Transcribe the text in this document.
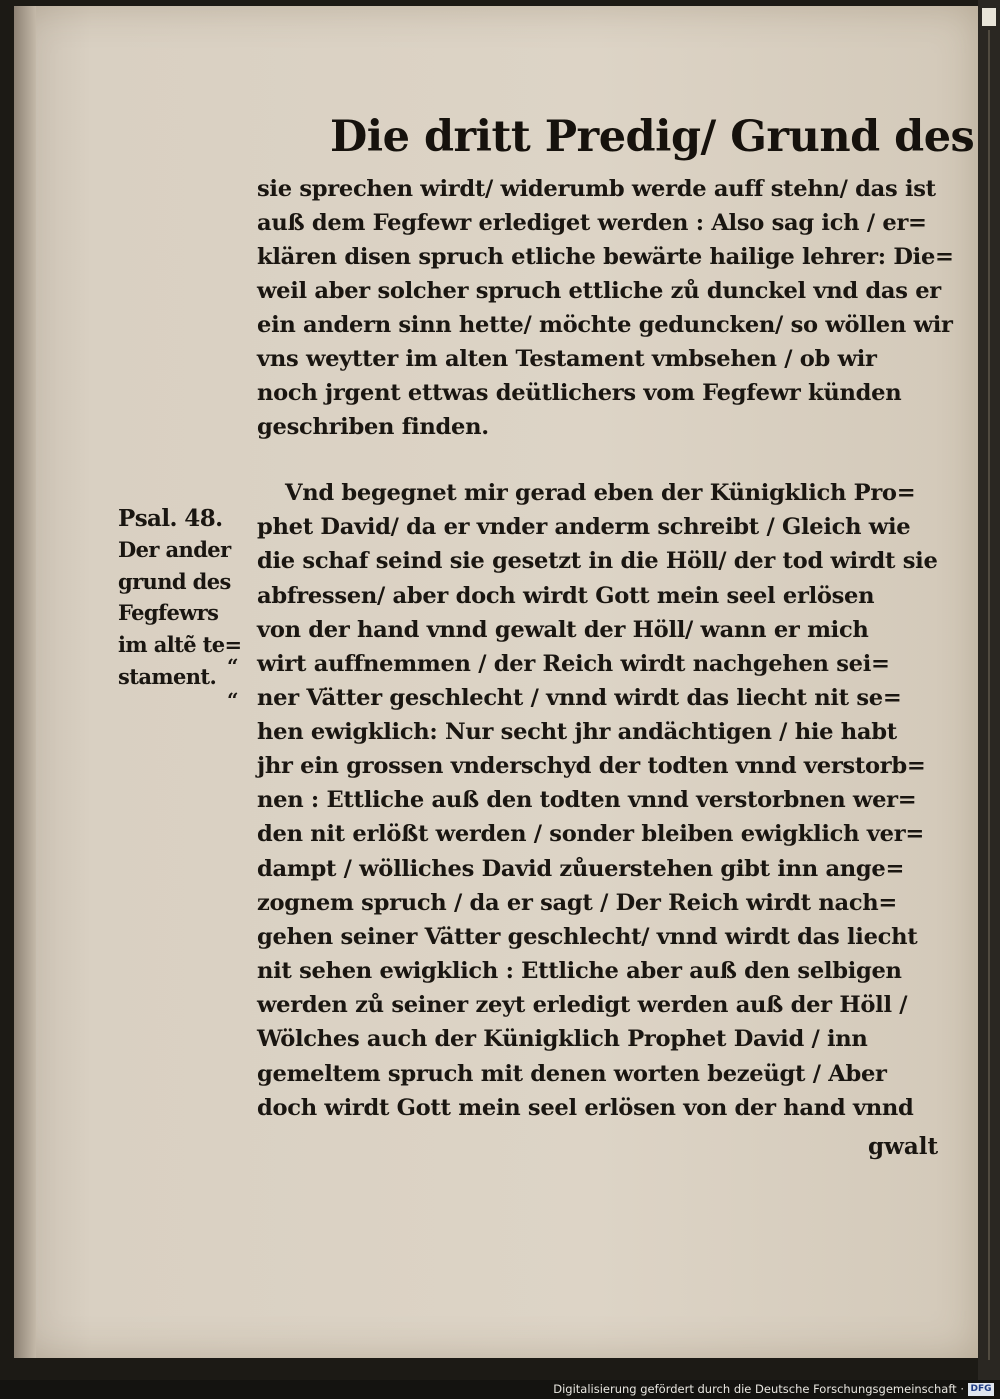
Die dritt Predig/ Grund des
sie sprechen wirdt/ widerumb werde auff stehn/ das ist
auß dem Fegfewr erlediget werden : Also sag ich / er=
klären disen spruch etliche bewärte hailige lehrer: Die=
weil aber solcher spruch ettliche zů dunckel vnd das er
ein andern sinn hette/ möchte geduncken/ so wöllen wir
vns weytter im alten Testament vmbsehen / ob wir
noch jrgent ettwas deütlichers vom Fegfewr künden
geschriben finden.
Vnd begegnet mir gerad eben der Künigklich Pro=
phet David/ da er vnder anderm schreibt / Gleich wie
die schaf seind sie gesetzt in die Höll/ der tod wirdt sie
abfressen/ aber doch wirdt Gott mein seel erlösen
von der hand vnnd gewalt der Höll/ wann er mich
wirt auffnemmen / der Reich wirdt nachgehen sei=
ner Vätter geschlecht / vnnd wirdt das liecht nit se=
hen ewigklich: Nur secht jhr andächtigen / hie habt
jhr ein grossen vnderschyd der todten vnnd verstorb=
nen : Ettliche auß den todten vnnd verstorbnen wer=
den nit erlößt werden / sonder bleiben ewigklich ver=
dampt / wölliches David zůuerstehen gibt inn ange=
zognem spruch / da er sagt / Der Reich wirdt nach=
gehen seiner Vätter geschlecht/ vnnd wirdt das liecht
nit sehen ewigklich : Ettliche aber auß den selbigen
werden zů seiner zeyt erledigt werden auß der Höll /
Wölches auch der Künigklich Prophet David / inn
gemeltem spruch mit denen worten bezeügt / Aber
doch wirdt Gott mein seel erlösen von der hand vnnd
Psal. 48.
Der ander
grund des
Fegfewrs
im altẽ te=
stament. “
“
gwalt
Digitalisierung gefördert durch die Deutsche Forschungsgemeinschaft · DFG
